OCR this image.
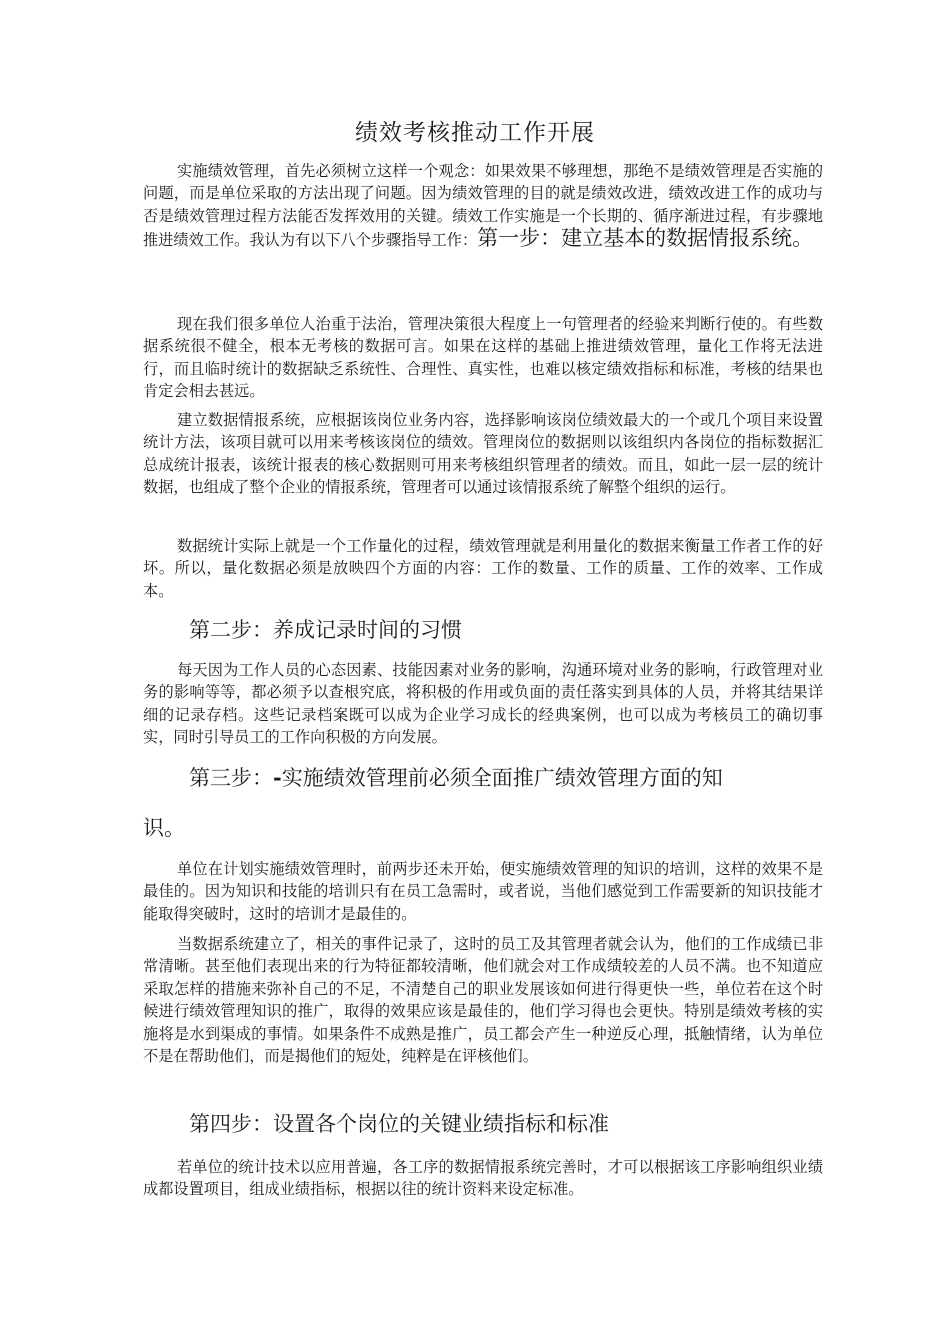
绩效考核推动工作开展

实施绩效管理，首先必须树立这样一个观念：如果效果不够理想，那绝不是绩效管理是否实施的问题，而是单位采取的方法出现了问题。因为绩效管理的目的就是绩效改进，绩效改进工作的成功与否是绩效管理过程方法能否发挥效用的关键。绩效工作实施是一个长期的、循序渐进过程，有步骤地推进绩效工作。我认为有以下八个步骤指导工作：第一步：建立基本的数据情报系统。

现在我们很多单位人治重于法治，管理决策很大程度上一句管理者的经验来判断行使的。有些数据系统很不健全，根本无考核的数据可言。如果在这样的基础上推进绩效管理，量化工作将无法进行，而且临时统计的数据缺乏系统性、合理性、真实性，也难以核定绩效指标和标准，考核的结果也肯定会相去甚远。

建立数据情报系统，应根据该岗位业务内容，选择影响该岗位绩效最大的一个或几个项目来设置统计方法，该项目就可以用来考核该岗位的绩效。管理岗位的数据则以该组织内各岗位的指标数据汇总成统计报表，该统计报表的核心数据则可用来考核组织管理者的绩效。而且，如此一层一层的统计数据，也组成了整个企业的情报系统，管理者可以通过该情报系统了解整个组织的运行。

数据统计实际上就是一个工作量化的过程，绩效管理就是利用量化的数据来衡量工作者工作的好坏。所以，量化数据必须是放映四个方面的内容：工作的数量、工作的质量、工作的效率、工作成本。

第二步：养成记录时间的习惯

每天因为工作人员的心态因素、技能因素对业务的影响，沟通环境对业务的影响，行政管理对业务的影响等等，都必须予以查根究底，将积极的作用或负面的责任落实到具体的人员，并将其结果详细的记录存档。这些记录档案既可以成为企业学习成长的经典案例，也可以成为考核员工的确切事实，同时引导员工的工作向积极的方向发展。

第三步：-实施绩效管理前必须全面推广绩效管理方面的知

识。

单位在计划实施绩效管理时，前两步还未开始，便实施绩效管理的知识的培训，这样的效果不是最佳的。因为知识和技能的培训只有在员工急需时，或者说，当他们感觉到工作需要新的知识技能才能取得突破时，这时的培训才是最佳的。

当数据系统建立了，相关的事件记录了，这时的员工及其管理者就会认为，他们的工作成绩已非常清晰。甚至他们表现出来的行为特征都较清晰，他们就会对工作成绩较差的人员不满。也不知道应采取怎样的措施来弥补自己的不足，不清楚自己的职业发展该如何进行得更快一些，单位若在这个时候进行绩效管理知识的推广，取得的效果应该是最佳的，他们学习得也会更快。特别是绩效考核的实施将是水到渠成的事情。如果条件不成熟是推广，员工都会产生一种逆反心理，抵触情绪，认为单位不是在帮助他们，而是揭他们的短处，纯粹是在评核他们。

第四步：设置各个岗位的关键业绩指标和标准

若单位的统计技术以应用普遍，各工序的数据情报系统完善时，才可以根据该工序影响组织业绩成都设置项目，组成业绩指标，根据以往的统计资料来设定标准。
